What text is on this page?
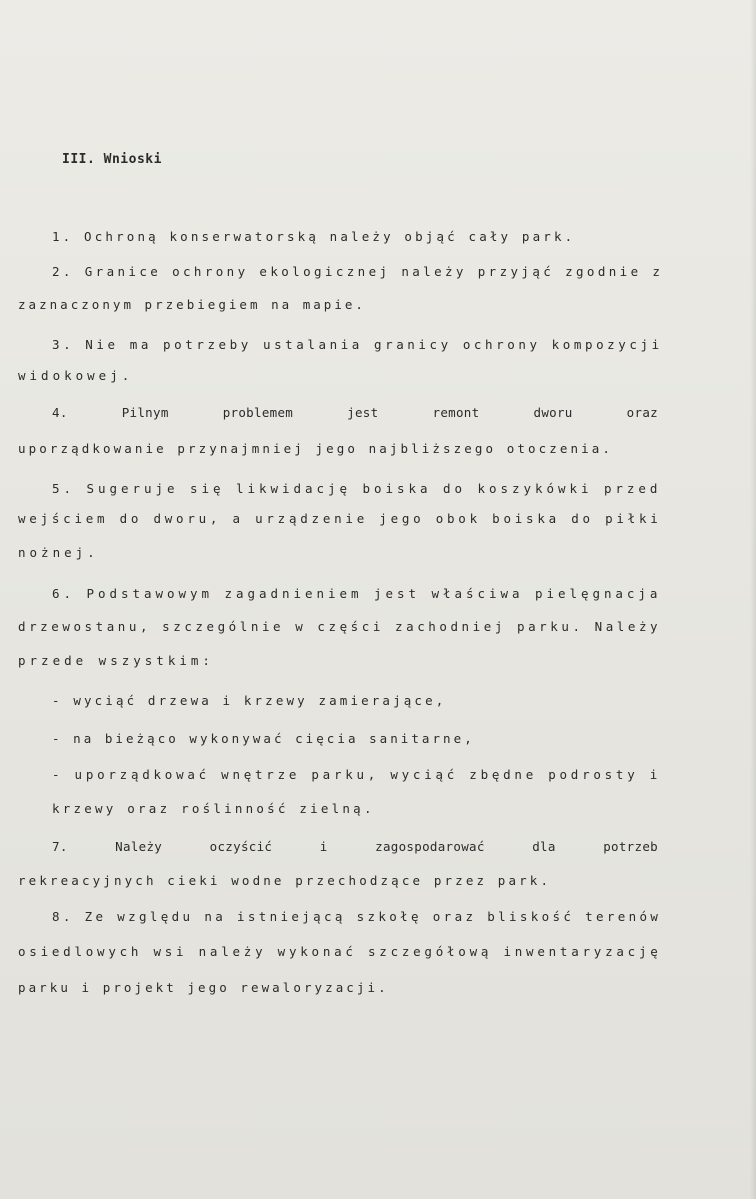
III. Wnioski

1. Ochroną konserwatorską należy objąć cały park.

2. Granice ochrony ekologicznej należy przyjąć zgodnie z

zaznaczonym przebiegiem na mapie.

3. Nie ma potrzeby ustalania granicy ochrony kompozycji

widokowej.

4.	Pilnym	problemem	jest	remont	dworu	oraz

uporządkowanie przynajmniej jego najbliższego otoczenia.

5. Sugeruje się likwidację boiska do koszykówki przed

wejściem do dworu, a urządzenie jego obok boiska do piłki

nożnej.

6. Podstawowym zagadnieniem jest właściwa pielęgnacja

drzewostanu, szczególnie w części zachodniej parku. Należy

przede wszystkim:

- wyciąć drzewa i krzewy zamierające,

- na bieżąco wykonywać cięcia sanitarne,

- uporządkować wnętrze parku, wyciąć zbędne podrosty i

krzewy oraz roślinność zielną.

7.	Należy	oczyścić	i	zagospodarować	dla	potrzeb

rekreacyjnych cieki wodne przechodzące przez park.

8. Ze względu na istniejącą szkołę oraz bliskość terenów

osiedlowych wsi należy wykonać szczegółową inwentaryzację

parku i projekt jego rewaloryzacji.
